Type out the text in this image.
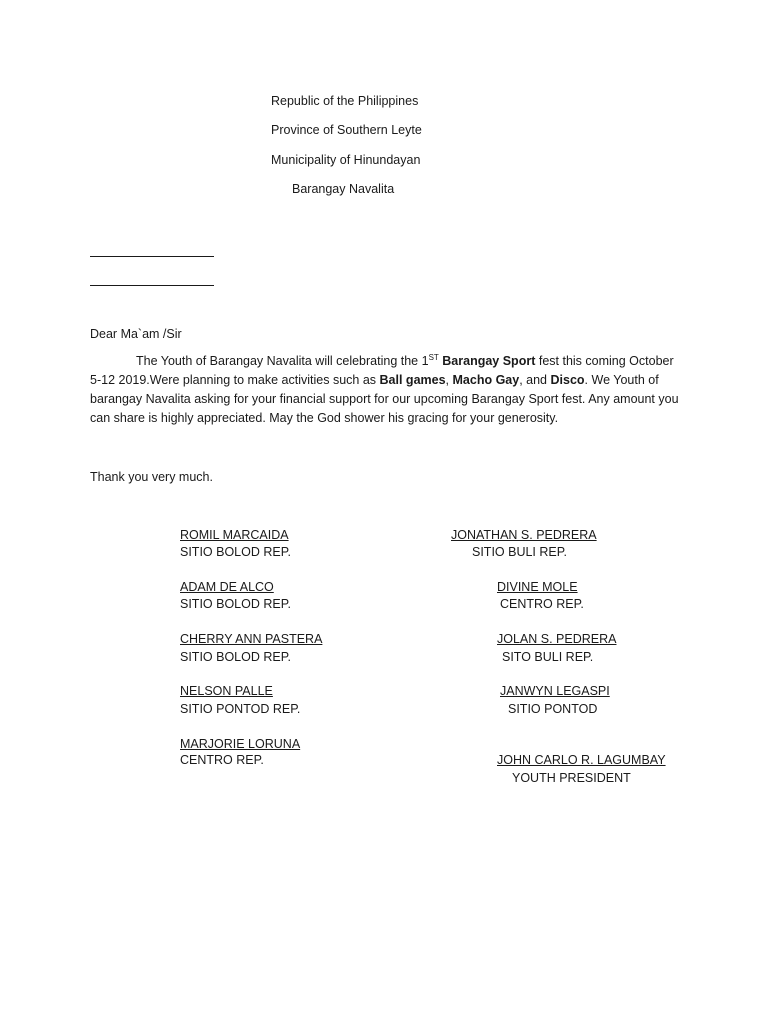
Republic of the Philippines
Province of Southern Leyte
Municipality of Hinundayan
Barangay Navalita
Dear Ma`am /Sir
The Youth of Barangay Navalita will celebrating the 1ST Barangay Sport fest this coming October 5-12 2019.Were planning to make activities such as Ball games, Macho Gay, and Disco. We Youth of barangay Navalita asking for your financial support for our upcoming Barangay Sport fest. Any amount you can share is highly appreciated. May the God shower his gracing for your generosity.
Thank you very much.
ROMIL MARCAIDA
SITIO BOLOD REP.
ADAM DE ALCO
SITIO BOLOD REP.
CHERRY ANN PASTERA
SITIO BOLOD REP.
NELSON PALLE
SITIO PONTOD REP.
MARJORIE LORUNA
CENTRO REP.
JONATHAN S. PEDRERA
SITIO BULI REP.
DIVINE MOLE
CENTRO REP.
JOLAN S. PEDRERA
SITO BULI REP.
JANWYN LEGASPI
SITIO PONTOD
JOHN CARLO R. LAGUMBAY
YOUTH PRESIDENT
